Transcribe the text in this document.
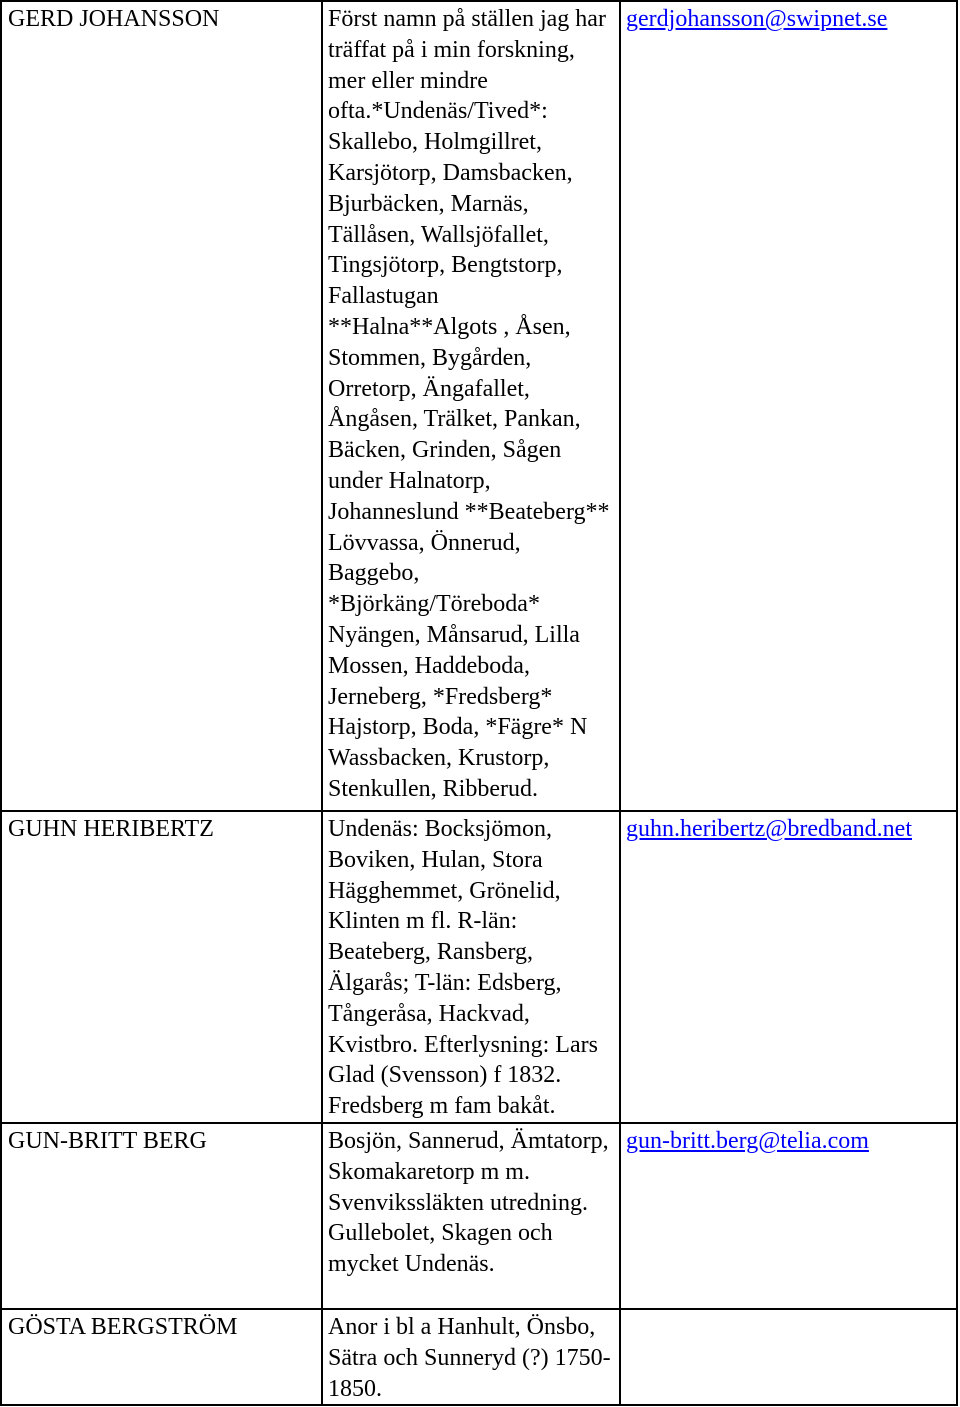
GERD JOHANSSON	Först namn på ställen jag har
träffat på i min forskning,
mer eller mindre
ofta.*Undenäs/Tived*:
Skallebo, Holmgillret,
Karsjötorp, Damsbacken,
Bjurbäcken, Marnäs,
Tällåsen, Wallsjöfallet,
Tingsjötorp, Bengtstorp,
Fallastugan
**Halna**Algots , Åsen,
Stommen, Bygården,
Orretorp, Ängafallet,
Ångåsen, Trälket, Pankan,
Bäcken, Grinden, Sågen
under Halnatorp,
Johanneslund **Beateberg**
Lövvassa, Önnerud,
Baggebo,
*Björkäng/Töreboda*
Nyängen, Månsarud, Lilla
Mossen, Haddeboda,
Jerneberg, *Fredsberg*
Hajstorp, Boda, *Fägre* N
Wassbacken, Krustorp,
Stenkullen, Ribberud.
gerdjohansson@swipnet.se
GUHN HERIBERTZ	Undenäs: Bocksjömon,
Boviken, Hulan, Stora
Hägghemmet, Grönelid,
Klinten m fl. R-län:
Beateberg, Ransberg,
Älgarås; T-län: Edsberg,
Tångeråsa, Hackvad,
Kvistbro. Efterlysning: Lars
Glad (Svensson) f 1832.
Fredsberg m fam bakåt.
guhn.heribertz@bredband.net
GUN-BRITT BERG	Bosjön, Sannerud, Ämtatorp,
Skomakaretorp m m.
Svenvikssläkten utredning.
Gullebolet, Skagen och
mycket Undenäs.
gun-britt.berg@telia.com
GÖSTA BERGSTRÖM	Anor i bl a Hanhult, Önsbo,
Sätra och Sunneryd (?) 1750-
1850.
